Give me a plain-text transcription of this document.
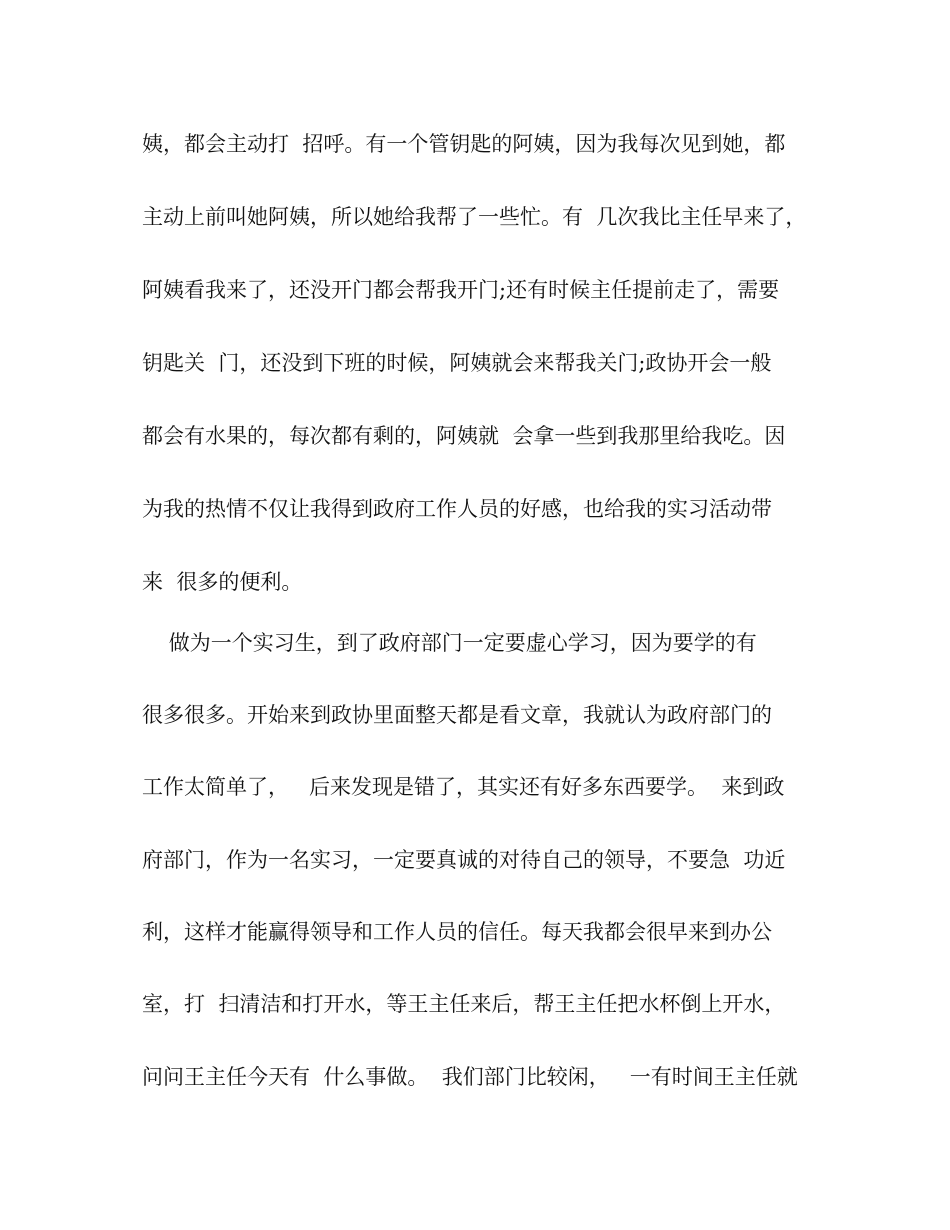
姨，都会主动打  招呼。有一个管钥匙的阿姨，因为我每次见到她，都
主动上前叫她阿姨，所以她给我帮了一些忙。有  几次我比主任早来了，
阿姨看我来了，还没开门都会帮我开门;还有时候主任提前走了，需要
钥匙关  门，还没到下班的时候，阿姨就会来帮我关门;政协开会一般
都会有水果的，每次都有剩的，阿姨就  会拿一些到我那里给我吃。因
为我的热情不仅让我得到政府工作人员的好感，也给我的实习活动带
来  很多的便利。
做为一个实习生，到了政府部门一定要虚心学习，因为要学的有
很多很多。开始来到政协里面整天都是看文章，我就认为政府部门的
工作太简单了，   后来发现是错了，其实还有好多东西要学。  来到政
府部门，作为一名实习，一定要真诚的对待自己的领导，不要急  功近
利，这样才能赢得领导和工作人员的信任。每天我都会很早来到办公
室，打  扫清洁和打开水，等王主任来后，帮王主任把水杯倒上开水，
问问王主任今天有  什么事做。  我们部门比较闲，   一有时间王主任就
